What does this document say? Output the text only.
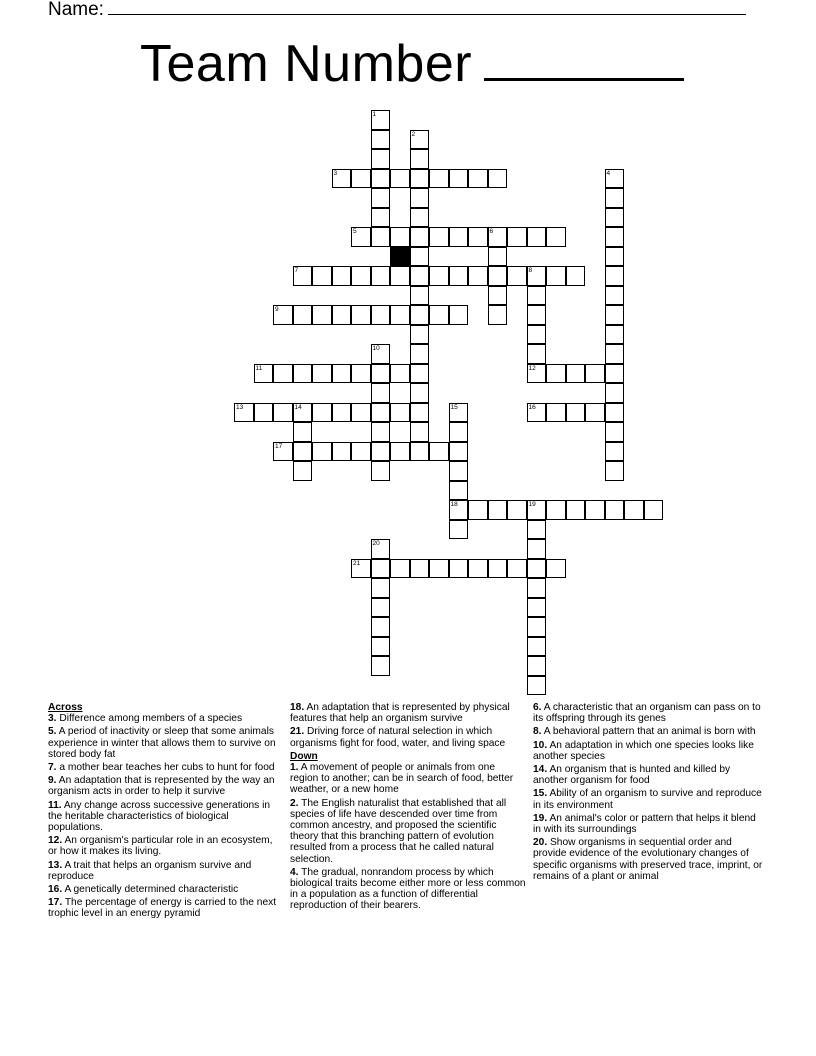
Name:
Team Number
1
2
3	4
5	6
7	8
12
9
10
11
13	14	15
18
16
17
19
20
21
Across
3. Difference among members of a species
5. A period of inactivity or sleep that some animals experience in winter that allows them to survive on stored body fat
7. a mother bear teaches her cubs to hunt for food
9. An adaptation that is represented by the way an organism acts in order to help it survive
11. Any change across successive generations in the heritable characteristics of biological populations.
12. An organism's particular role in an ecosystem, or how it makes its living.
13. A trait that helps an organism survive and reproduce
16. A genetically determined characteristic
17. The percentage of energy is carried to the next trophic level in an energy pyramid
18. An adaptation that is represented by physical features that help an organism survive
21. Driving force of natural selection in which organisms fight for food, water, and living space
Down
1. A movement of people or animals from one region to another; can be in search of food, better weather, or a new home
2. The English naturalist that established that all species of life have descended over time from common ancestry, and proposed the scientific theory that this branching pattern of evolution resulted from a process that he called natural selection.
4. The gradual, nonrandom process by which biological traits become either more or less common in a population as a function of differential reproduction of their bearers.
6. A characteristic that an organism can pass on to its offspring through its genes
8. A behavioral pattern that an animal is born with
10. An adaptation in which one species looks like another species
14. An organism that is hunted and killed by another organism for food
15. Ability of an organism to survive and reproduce in its environment
19. An animal's color or pattern that helps it blend in with its surroundings
20. Show organisms in sequential order and provide evidence of the evolutionary changes of specific organisms with preserved trace, imprint, or remains of a plant or animal
